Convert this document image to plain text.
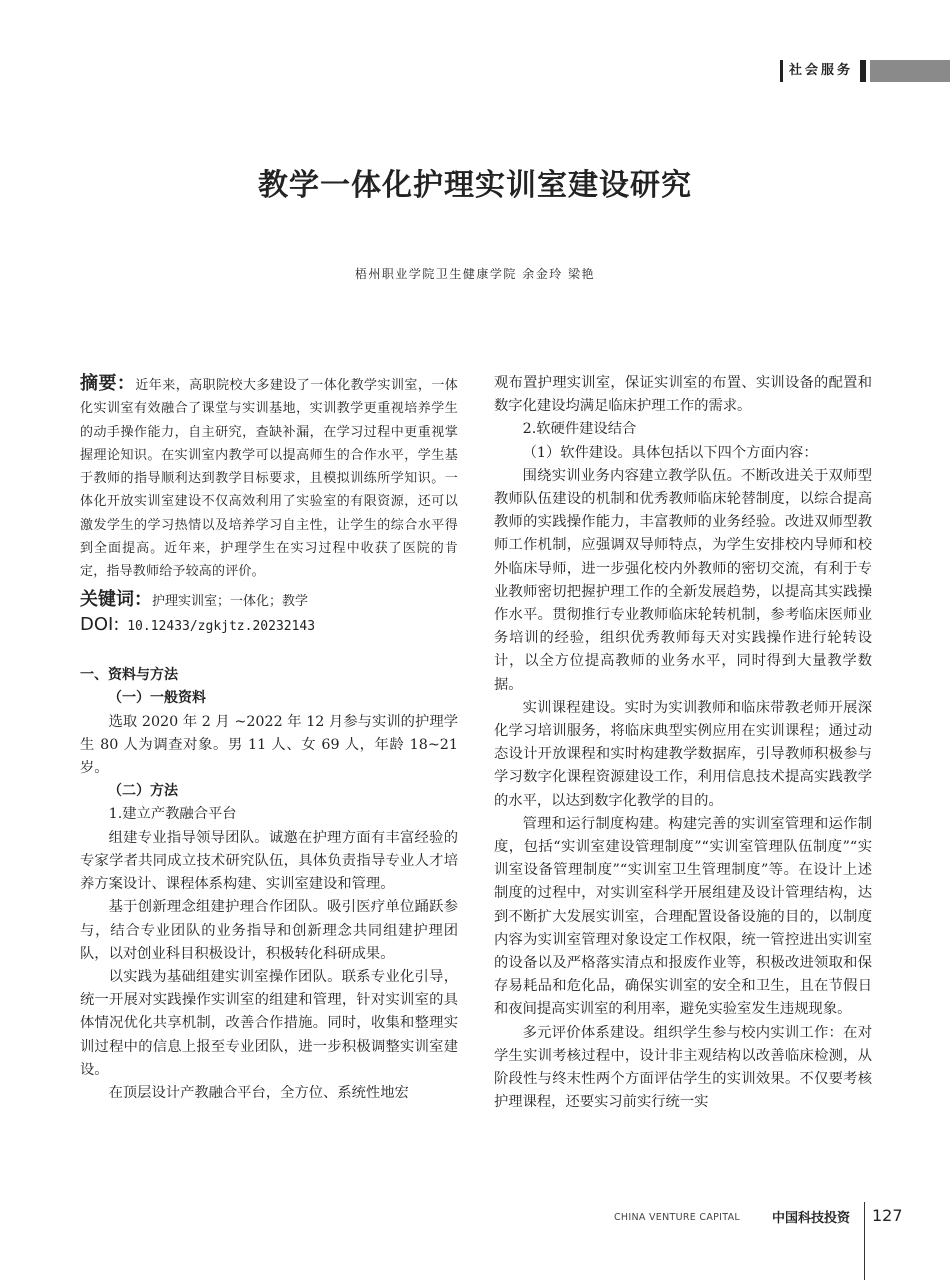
社会服务
教学一体化护理实训室建设研究
梧州职业学院卫生健康学院 余金玲 梁艳

摘要：近年来，高职院校大多建设了一体化教学实训室，一体化实训室有效融合了课堂与实训基地，实训教学更重视培养学生的动手操作能力，自主研究，查缺补漏，在学习过程中更重视掌握理论知识。在实训室内教学可以提高师生的合作水平，学生基于教师的指导顺利达到教学目标要求，且模拟训练所学知识。一体化开放实训室建设不仅高效利用了实验室的有限资源，还可以激发学生的学习热情以及培养学习自主性，让学生的综合水平得到全面提高。近年来，护理学生在实习过程中收获了医院的肯定，指导教师给予较高的评价。

关键词：护理实训室；一体化；教学

DOI: 10.12433/zgkjtz.20232143

一、资料与方法

（一）一般资料

选取 2020 年 2 月 ~2022 年 12 月参与实训的护理学生 80 人为调查对象。男 11 人、女 69 人，年龄 18~21 岁。

（二）方法

1.建立产教融合平台

组建专业指导领导团队。诚邀在护理方面有丰富经验的专家学者共同成立技术研究队伍，具体负责指导专业人才培养方案设计、课程体系构建、实训室建设和管理。

基于创新理念组建护理合作团队。吸引医疗单位踊跃参与，结合专业团队的业务指导和创新理念共同组建护理团队，以对创业科目积极设计，积极转化科研成果。

以实践为基础组建实训室操作团队。联系专业化引导，统一开展对实践操作实训室的组建和管理，针对实训室的具体情况优化共享机制，改善合作措施。同时，收集和整理实训过程中的信息上报至专业团队，进一步积极调整实训室建设。

在顶层设计产教融合平台，全方位、系统性地宏

观布置护理实训室，保证实训室的布置、实训设备的配置和数字化建设均满足临床护理工作的需求。

2.软硬件建设结合

（1）软件建设。具体包括以下四个方面内容：

围绕实训业务内容建立教学队伍。不断改进关于双师型教师队伍建设的机制和优秀教师临床轮替制度，以综合提高教师的实践操作能力，丰富教师的业务经验。改进双师型教师工作机制，应强调双导师特点，为学生安排校内导师和校外临床导师，进一步强化校内外教师的密切交流，有利于专业教师密切把握护理工作的全新发展趋势，以提高其实践操作水平。贯彻推行专业教师临床轮转机制，参考临床医师业务培训的经验，组织优秀教师每天对实践操作进行轮转设计，以全方位提高教师的业务水平，同时得到大量教学数据。

实训课程建设。实时为实训教师和临床带教老师开展深化学习培训服务，将临床典型实例应用在实训课程；通过动态设计开放课程和实时构建教学数据库，引导教师积极参与学习数字化课程资源建设工作，利用信息技术提高实践教学的水平，以达到数字化教学的目的。

管理和运行制度构建。构建完善的实训室管理和运作制度，包括“实训室建设管理制度”“实训室管理队伍制度”“实训室设备管理制度”“实训室卫生管理制度”等。在设计上述制度的过程中，对实训室科学开展组建及设计管理结构，达到不断扩大发展实训室，合理配置设备设施的目的，以制度内容为实训室管理对象设定工作权限，统一管控进出实训室的设备以及严格落实清点和报废作业等，积极改进领取和保存易耗品和危化品，确保实训室的安全和卫生，且在节假日和夜间提高实训室的利用率，避免实验室发生违规现象。

多元评价体系建设。组织学生参与校内实训工作：在对学生实训考核过程中，设计非主观结构以改善临床检测，从阶段性与终末性两个方面评估学生的实训效果。不仅要考核护理课程，还要实习前实行统一实

CHINA VENTURE CAPITAL 中国科技投资 127
